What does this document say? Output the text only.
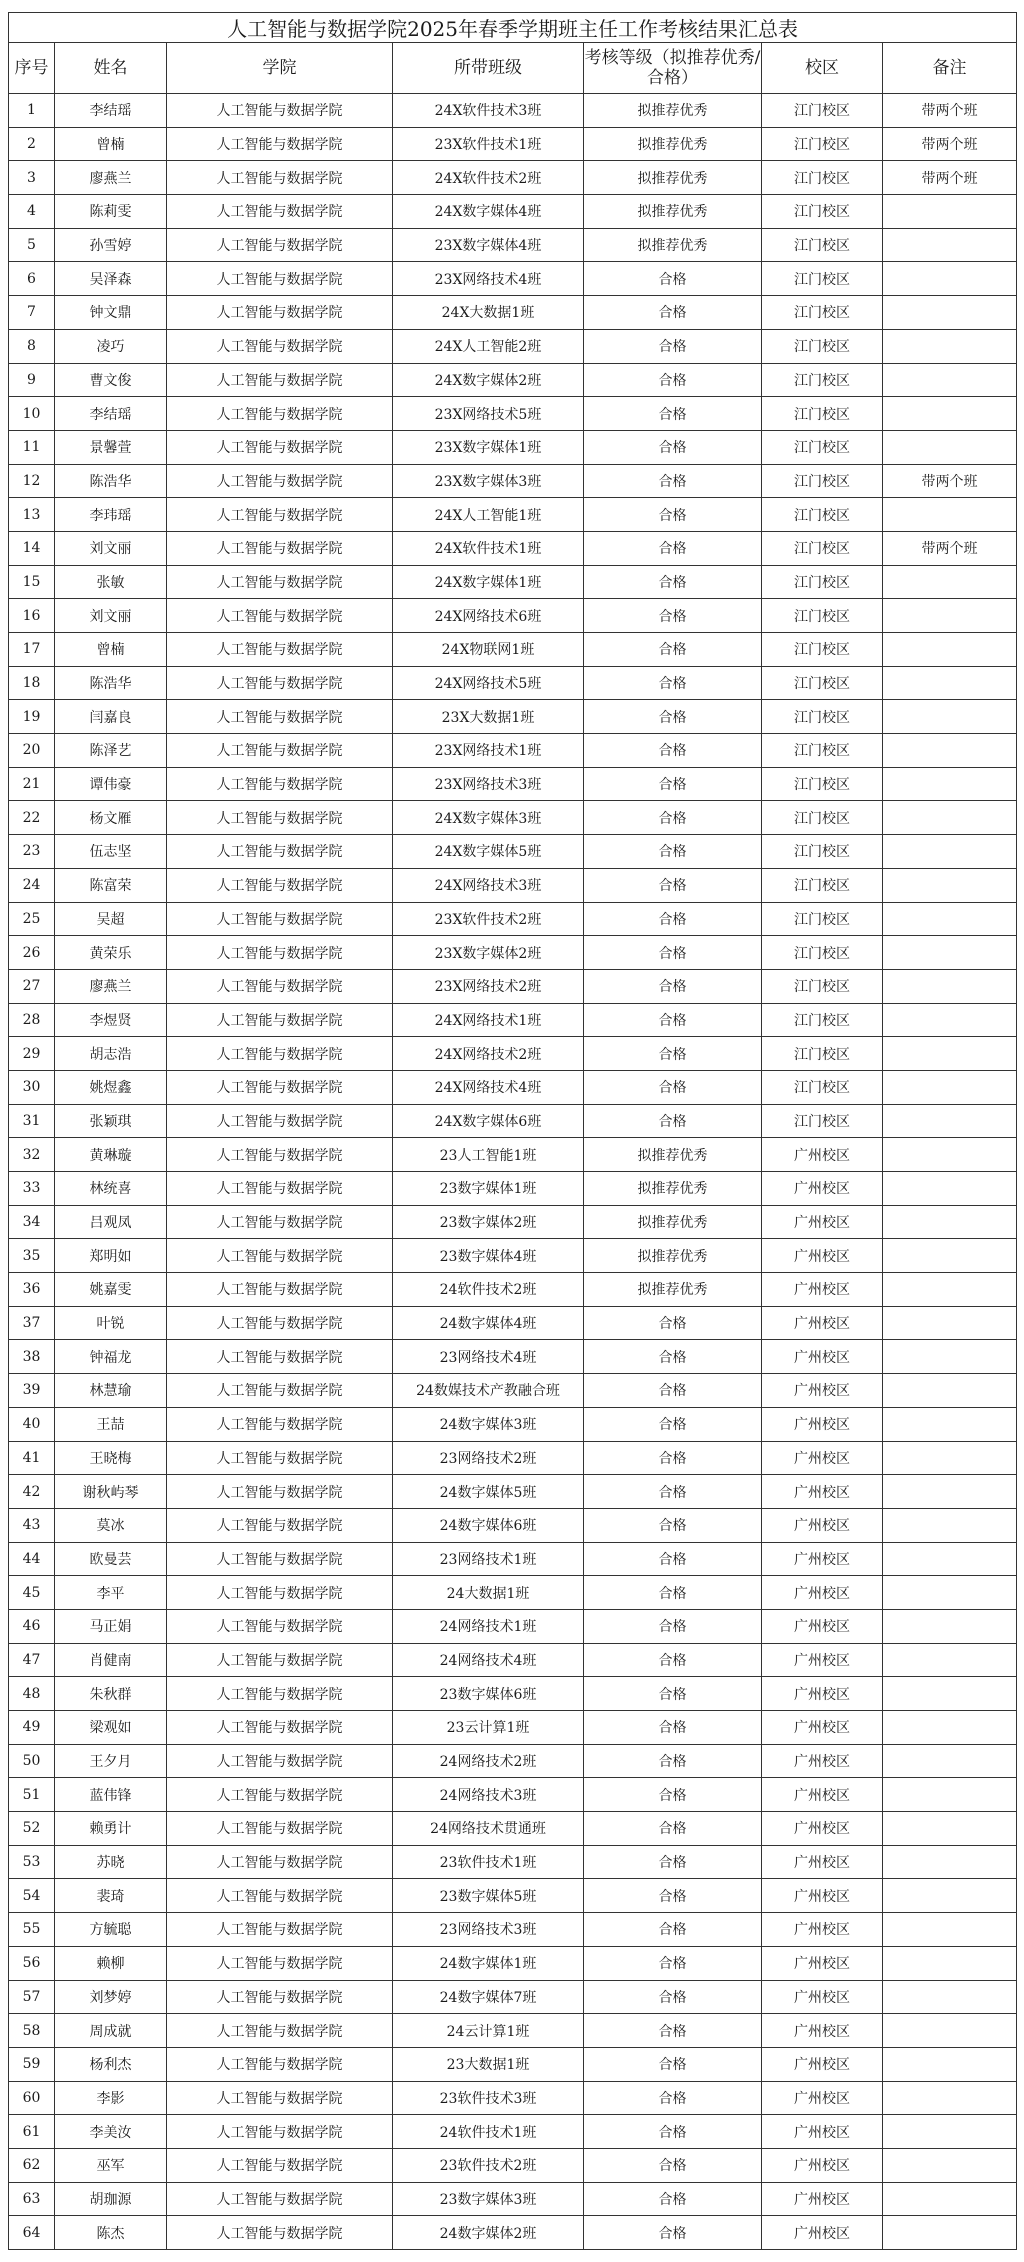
人工智能与数据学院2025年春季学期班主任工作考核结果汇总表						
序号	姓名	学院	所带班级	考核等级（拟推荐优秀/合格）	校区	备注
1	李结瑶	人工智能与数据学院	24X软件技术3班	拟推荐优秀	江门校区	带两个班
2	曾楠	人工智能与数据学院	23X软件技术1班	拟推荐优秀	江门校区	带两个班
3	廖燕兰	人工智能与数据学院	24X软件技术2班	拟推荐优秀	江门校区	带两个班
4	陈莉雯	人工智能与数据学院	24X数字媒体4班	拟推荐优秀	江门校区	
5	孙雪婷	人工智能与数据学院	23X数字媒体4班	拟推荐优秀	江门校区	
6	吴泽森	人工智能与数据学院	23X网络技术4班	合格	江门校区	
7	钟文鼎	人工智能与数据学院	24X大数据1班	合格	江门校区	
8	凌巧	人工智能与数据学院	24X人工智能2班	合格	江门校区	
9	曹文俊	人工智能与数据学院	24X数字媒体2班	合格	江门校区	
10	李结瑶	人工智能与数据学院	23X网络技术5班	合格	江门校区	
11	景馨萱	人工智能与数据学院	23X数字媒体1班	合格	江门校区	
12	陈浩华	人工智能与数据学院	23X数字媒体3班	合格	江门校区	带两个班
13	李玮瑶	人工智能与数据学院	24X人工智能1班	合格	江门校区	
14	刘文丽	人工智能与数据学院	24X软件技术1班	合格	江门校区	带两个班
15	张敏	人工智能与数据学院	24X数字媒体1班	合格	江门校区	
16	刘文丽	人工智能与数据学院	24X网络技术6班	合格	江门校区	
17	曾楠	人工智能与数据学院	24X物联网1班	合格	江门校区	
18	陈浩华	人工智能与数据学院	24X网络技术5班	合格	江门校区	
19	闫嘉良	人工智能与数据学院	23X大数据1班	合格	江门校区	
20	陈泽艺	人工智能与数据学院	23X网络技术1班	合格	江门校区	
21	谭伟豪	人工智能与数据学院	23X网络技术3班	合格	江门校区	
22	杨文雁	人工智能与数据学院	24X数字媒体3班	合格	江门校区	
23	伍志坚	人工智能与数据学院	24X数字媒体5班	合格	江门校区	
24	陈富荣	人工智能与数据学院	24X网络技术3班	合格	江门校区	
25	吴超	人工智能与数据学院	23X软件技术2班	合格	江门校区	
26	黄荣乐	人工智能与数据学院	23X数字媒体2班	合格	江门校区	
27	廖燕兰	人工智能与数据学院	23X网络技术2班	合格	江门校区	
28	李煜贤	人工智能与数据学院	24X网络技术1班	合格	江门校区	
29	胡志浩	人工智能与数据学院	24X网络技术2班	合格	江门校区	
30	姚煜鑫	人工智能与数据学院	24X网络技术4班	合格	江门校区	
31	张颖琪	人工智能与数据学院	24X数字媒体6班	合格	江门校区	
32	黄琳璇	人工智能与数据学院	23人工智能1班	拟推荐优秀	广州校区	
33	林统喜	人工智能与数据学院	23数字媒体1班	拟推荐优秀	广州校区	
34	吕观凤	人工智能与数据学院	23数字媒体2班	拟推荐优秀	广州校区	
35	郑明如	人工智能与数据学院	23数字媒体4班	拟推荐优秀	广州校区	
36	姚嘉雯	人工智能与数据学院	24软件技术2班	拟推荐优秀	广州校区	
37	叶锐	人工智能与数据学院	24数字媒体4班	合格	广州校区	
38	钟福龙	人工智能与数据学院	23网络技术4班	合格	广州校区	
39	林慧瑜	人工智能与数据学院	24数媒技术产教融合班	合格	广州校区	
40	王喆	人工智能与数据学院	24数字媒体3班	合格	广州校区	
41	王晓梅	人工智能与数据学院	23网络技术2班	合格	广州校区	
42	谢秋屿琴	人工智能与数据学院	24数字媒体5班	合格	广州校区	
43	莫冰	人工智能与数据学院	24数字媒体6班	合格	广州校区	
44	欧曼芸	人工智能与数据学院	23网络技术1班	合格	广州校区	
45	李平	人工智能与数据学院	24大数据1班	合格	广州校区	
46	马正娟	人工智能与数据学院	24网络技术1班	合格	广州校区	
47	肖健南	人工智能与数据学院	24网络技术4班	合格	广州校区	
48	朱秋群	人工智能与数据学院	23数字媒体6班	合格	广州校区	
49	梁观如	人工智能与数据学院	23云计算1班	合格	广州校区	
50	王夕月	人工智能与数据学院	24网络技术2班	合格	广州校区	
51	蓝伟锋	人工智能与数据学院	24网络技术3班	合格	广州校区	
52	赖勇计	人工智能与数据学院	24网络技术贯通班	合格	广州校区	
53	苏晓	人工智能与数据学院	23软件技术1班	合格	广州校区	
54	裴琦	人工智能与数据学院	23数字媒体5班	合格	广州校区	
55	方毓聪	人工智能与数据学院	23网络技术3班	合格	广州校区	
56	赖柳	人工智能与数据学院	24数字媒体1班	合格	广州校区	
57	刘梦婷	人工智能与数据学院	24数字媒体7班	合格	广州校区	
58	周成就	人工智能与数据学院	24云计算1班	合格	广州校区	
59	杨利杰	人工智能与数据学院	23大数据1班	合格	广州校区	
60	李影	人工智能与数据学院	23软件技术3班	合格	广州校区	
61	李美汝	人工智能与数据学院	24软件技术1班	合格	广州校区	
62	巫军	人工智能与数据学院	23软件技术2班	合格	广州校区	
63	胡珈源	人工智能与数据学院	23数字媒体3班	合格	广州校区	
64	陈杰	人工智能与数据学院	24数字媒体2班	合格	广州校区	
